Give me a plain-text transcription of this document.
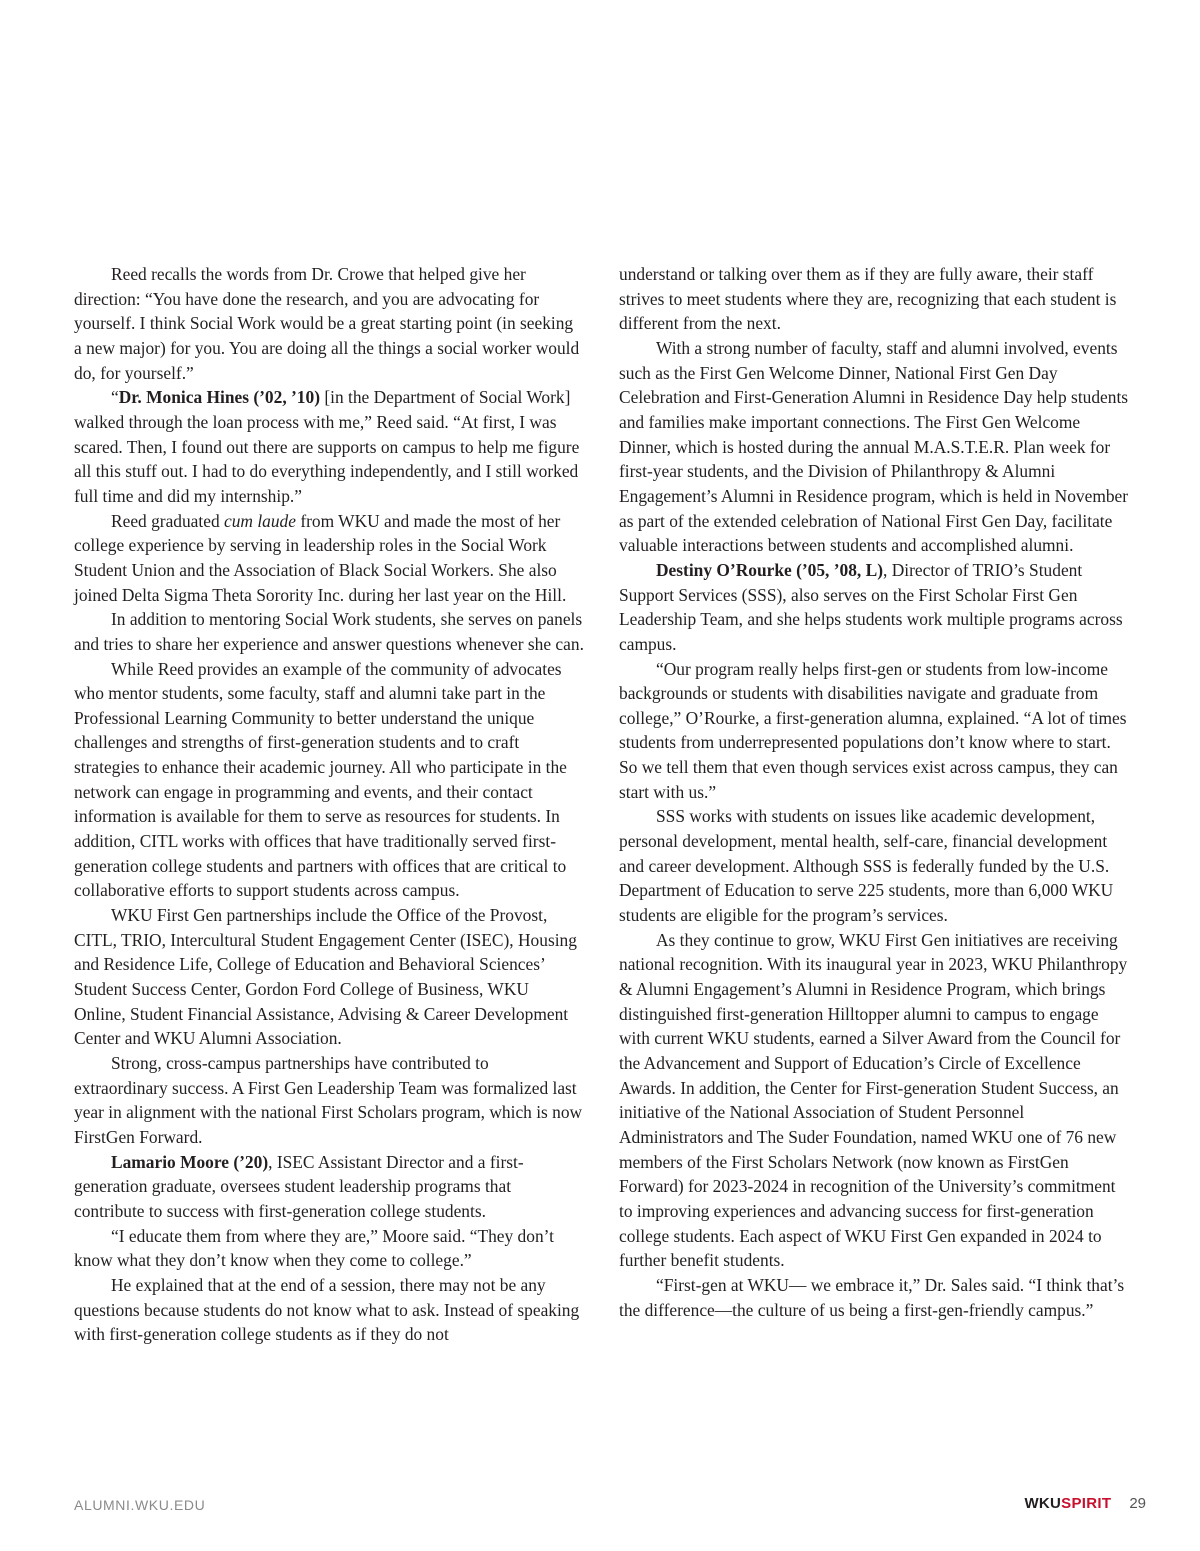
Reed recalls the words from Dr. Crowe that helped give her direction: “You have done the research, and you are advocating for yourself. I think Social Work would be a great starting point (in seeking a new major) for you. You are doing all the things a social worker would do, for yourself.”

“Dr. Monica Hines (’02, ’10) [in the Department of Social Work] walked through the loan process with me,” Reed said. “At first, I was scared. Then, I found out there are supports on campus to help me figure all this stuff out. I had to do everything independently, and I still worked full time and did my internship.”

Reed graduated cum laude from WKU and made the most of her college experience by serving in leadership roles in the Social Work Student Union and the Association of Black Social Workers. She also joined Delta Sigma Theta Sorority Inc. during her last year on the Hill.

In addition to mentoring Social Work students, she serves on panels and tries to share her experience and answer questions whenever she can.

While Reed provides an example of the community of advocates who mentor students, some faculty, staff and alumni take part in the Professional Learning Community to better understand the unique challenges and strengths of first-generation students and to craft strategies to enhance their academic journey. All who participate in the network can engage in programming and events, and their contact information is available for them to serve as resources for students. In addition, CITL works with offices that have traditionally served first-generation college students and partners with offices that are critical to collaborative efforts to support students across campus.

WKU First Gen partnerships include the Office of the Provost, CITL, TRIO, Intercultural Student Engagement Center (ISEC), Housing and Residence Life, College of Education and Behavioral Sciences’ Student Success Center, Gordon Ford College of Business, WKU Online, Student Financial Assistance, Advising & Career Development Center and WKU Alumni Association.

Strong, cross-campus partnerships have contributed to extraordinary success. A First Gen Leadership Team was formalized last year in alignment with the national First Scholars program, which is now FirstGen Forward.

Lamario Moore (’20), ISEC Assistant Director and a first-generation graduate, oversees student leadership programs that contribute to success with first-generation college students.

“I educate them from where they are,” Moore said. “They don’t know what they don’t know when they come to college.”

He explained that at the end of a session, there may not be any questions because students do not know what to ask. Instead of speaking with first-generation college students as if they do not

understand or talking over them as if they are fully aware, their staff strives to meet students where they are, recognizing that each student is different from the next.

With a strong number of faculty, staff and alumni involved, events such as the First Gen Welcome Dinner, National First Gen Day Celebration and First-Generation Alumni in Residence Day help students and families make important connections. The First Gen Welcome Dinner, which is hosted during the annual M.A.S.T.E.R. Plan week for first-year students, and the Division of Philanthropy & Alumni Engagement’s Alumni in Residence program, which is held in November as part of the extended celebration of National First Gen Day, facilitate valuable interactions between students and accomplished alumni.

Destiny O’Rourke (’05, ’08, L), Director of TRIO’s Student Support Services (SSS), also serves on the First Scholar First Gen Leadership Team, and she helps students work multiple programs across campus.

“Our program really helps first-gen or students from low-income backgrounds or students with disabilities navigate and graduate from college,” O’Rourke, a first-generation alumna, explained. “A lot of times students from underrepresented populations don’t know where to start. So we tell them that even though services exist across campus, they can start with us.”

SSS works with students on issues like academic development, personal development, mental health, self-care, financial development and career development. Although SSS is federally funded by the U.S. Department of Education to serve 225 students, more than 6,000 WKU students are eligible for the program’s services.

As they continue to grow, WKU First Gen initiatives are receiving national recognition. With its inaugural year in 2023, WKU Philanthropy & Alumni Engagement’s Alumni in Residence Program, which brings distinguished first-generation Hilltopper alumni to campus to engage with current WKU students, earned a Silver Award from the Council for the Advancement and Support of Education’s Circle of Excellence Awards. In addition, the Center for First-generation Student Success, an initiative of the National Association of Student Personnel Administrators and The Suder Foundation, named WKU one of 76 new members of the First Scholars Network (now known as FirstGen Forward) for 2023-2024 in recognition of the University’s commitment to improving experiences and advancing success for first-generation college students. Each aspect of WKU First Gen expanded in 2024 to further benefit students.

“First-gen at WKU— we embrace it,” Dr. Sales said. “I think that’s the difference—the culture of us being a first-gen-friendly campus.”

ALUMNI.WKU.EDU	WKUSPIRIT 29
